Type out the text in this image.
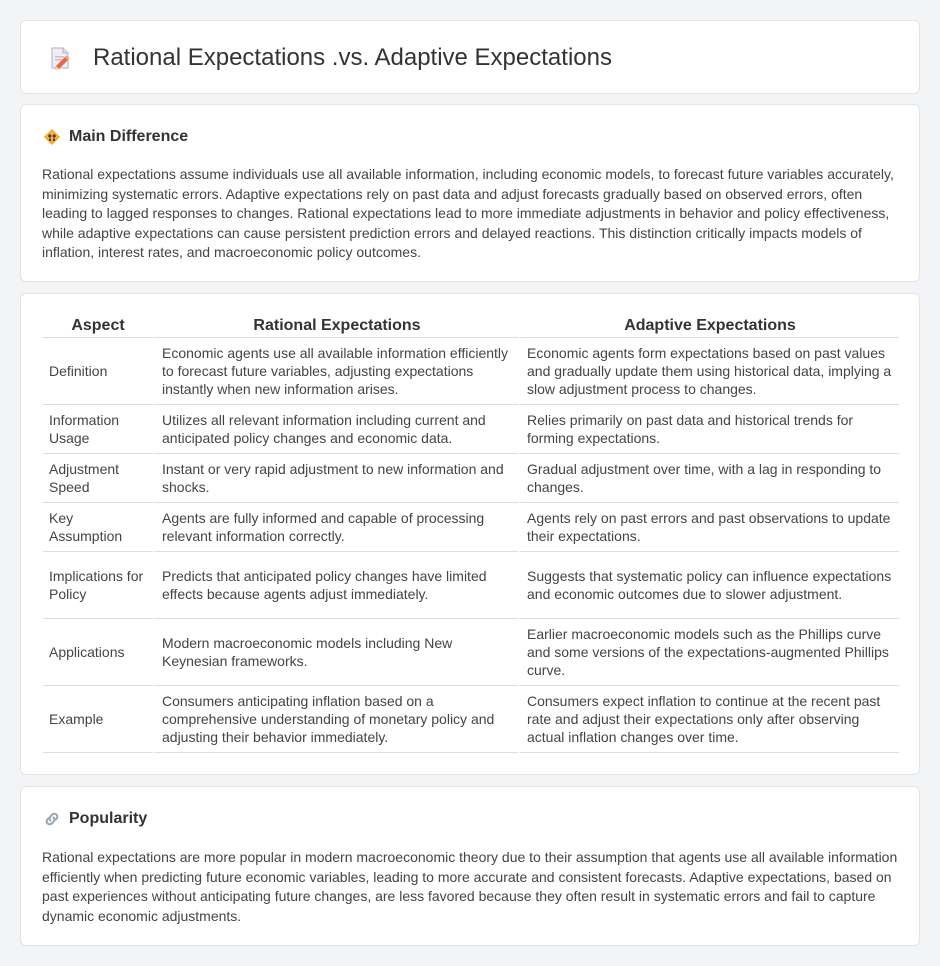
Rational Expectations .vs. Adaptive Expectations
Main Difference

Rational expectations assume individuals use all available information, including economic models, to forecast future variables accurately, minimizing systematic errors. Adaptive expectations rely on past data and adjust forecasts gradually based on observed errors, often leading to lagged responses to changes. Rational expectations lead to more immediate adjustments in behavior and policy effectiveness, while adaptive expectations can cause persistent prediction errors and delayed reactions. This distinction critically impacts models of inflation, interest rates, and macroeconomic policy outcomes.

Aspect	Rational Expectations	Adaptive Expectations
Definition	Economic agents use all available information efficiently to forecast future variables, adjusting expectations instantly when new information arises.	Economic agents form expectations based on past values and gradually update them using historical data, implying a slow adjustment process to changes.
Information Usage	Utilizes all relevant information including current and anticipated policy changes and economic data.	Relies primarily on past data and historical trends for forming expectations.
Adjustment Speed	Instant or very rapid adjustment to new information and shocks.	Gradual adjustment over time, with a lag in responding to changes.
Key Assumption	Agents are fully informed and capable of processing relevant information correctly.	Agents rely on past errors and past observations to update their expectations.
Implications for Policy	Predicts that anticipated policy changes have limited effects because agents adjust immediately.	Suggests that systematic policy can influence expectations and economic outcomes due to slower adjustment.
Applications	Modern macroeconomic models including New Keynesian frameworks.	Earlier macroeconomic models such as the Phillips curve and some versions of the expectations-augmented Phillips curve.
Example	Consumers anticipating inflation based on a comprehensive understanding of monetary policy and adjusting their behavior immediately.	Consumers expect inflation to continue at the recent past rate and adjust their expectations only after observing actual inflation changes over time.
Popularity

Rational expectations are more popular in modern macroeconomic theory due to their assumption that agents use all available information efficiently when predicting future economic variables, leading to more accurate and consistent forecasts. Adaptive expectations, based on past experiences without anticipating future changes, are less favored because they often result in systematic errors and fail to capture dynamic economic adjustments.
